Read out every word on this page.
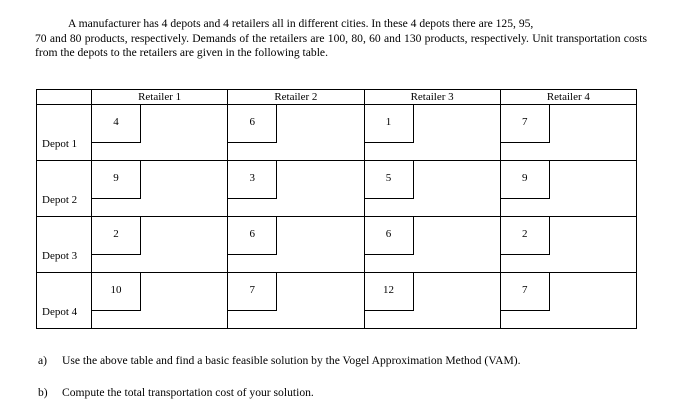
A manufacturer has 4 depots and 4 retailers all in different cities. In these 4 depots there are 125, 95,
70 and 80 products, respectively. Demands of the retailers are 100, 80, 60 and 130 products, respectively. Unit transportation costs from the depots to the retailers are given in the following table.

	Retailer 1	Retailer 2	Retailer 3	Retailer 4
Depot 1	4	6	1	7

Depot 2	9	3	5	9

Depot 3	2	6	6	2

Depot 4	10	7	12	7
a) Use the above table and find a basic feasible solution by the Vogel Approximation Method (VAM).
b) Compute the total transportation cost of your solution.
